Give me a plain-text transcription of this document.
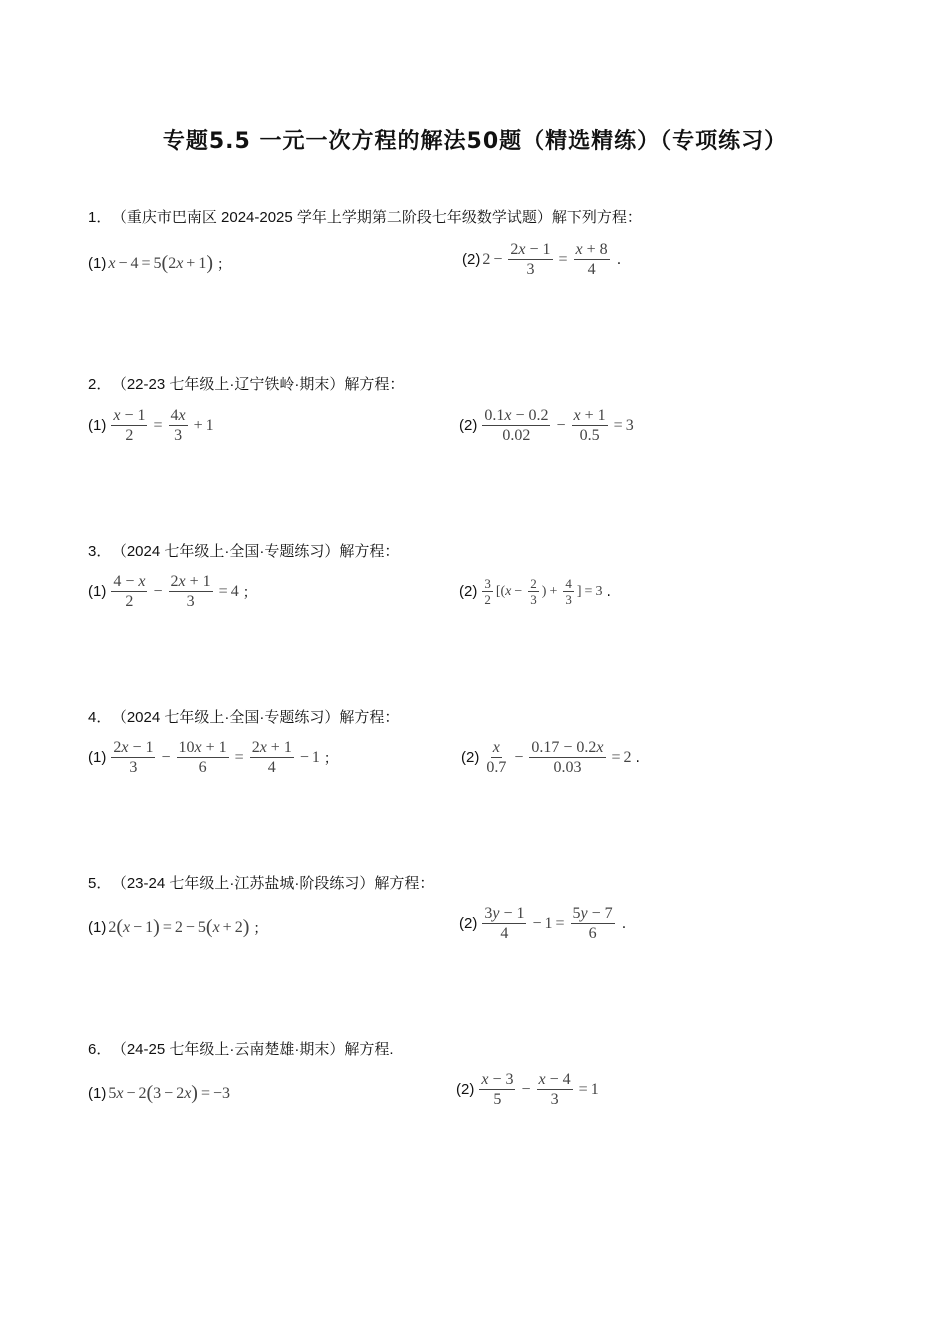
专题5.5 一元一次方程的解法50题（精选精练）（专项练习）
1． （重庆市巴南区 2024-2025 学年上学期第二阶段七年级数学试题）解下列方程：
(1) x − 4 = 5 ( 2 x + 1 ) ；	(2) $2 - \frac{2x - 1}{3} = \frac{x + 8}{4}$ .
2． （22-23 七年级上·辽宁铁岭·期末）解方程：
$(1) \frac{x - 1}{2} = \frac{4x}{3} + 1$	$(2) \frac{0.1x - 0.2}{0.02} - \frac{x + 1}{0.5} = 3$
3． （2024 七年级上·全国·专题练习）解方程：
$(1) \frac{4 - x}{2} - \frac{2x + 1}{3} = 4$ ；	$(2) \frac{3}{2}$ [( $x - \frac{2}{3}$ ) + $\frac{4}{3}$ ] = 3 .
4． （2024 七年级上·全国·专题练习）解方程：
$(1) \frac{2x - 1}{3} - \frac{10x + 1}{6} = \frac{2x + 1}{4} - 1$ ；	$(2) \frac{x}{0.7} - \frac{0.17 - 0.2x}{0.03} = 2$ .
5． （23-24 七年级上·江苏盐城·阶段练习）解方程：
(1) 2 ( x − 1 ) = 2 − 5 ( x + 2 ) ；	$(2) \frac{3y - 1}{4} - 1 = \frac{5y - 7}{6}$ .
6． （24-25 七年级上·云南楚雄·期末）解方程.
(1) 5 x − 2 ( 3 − 2 x ) = −3	$(2) \frac{x - 3}{5} - \frac{x - 4}{3} = 1$
